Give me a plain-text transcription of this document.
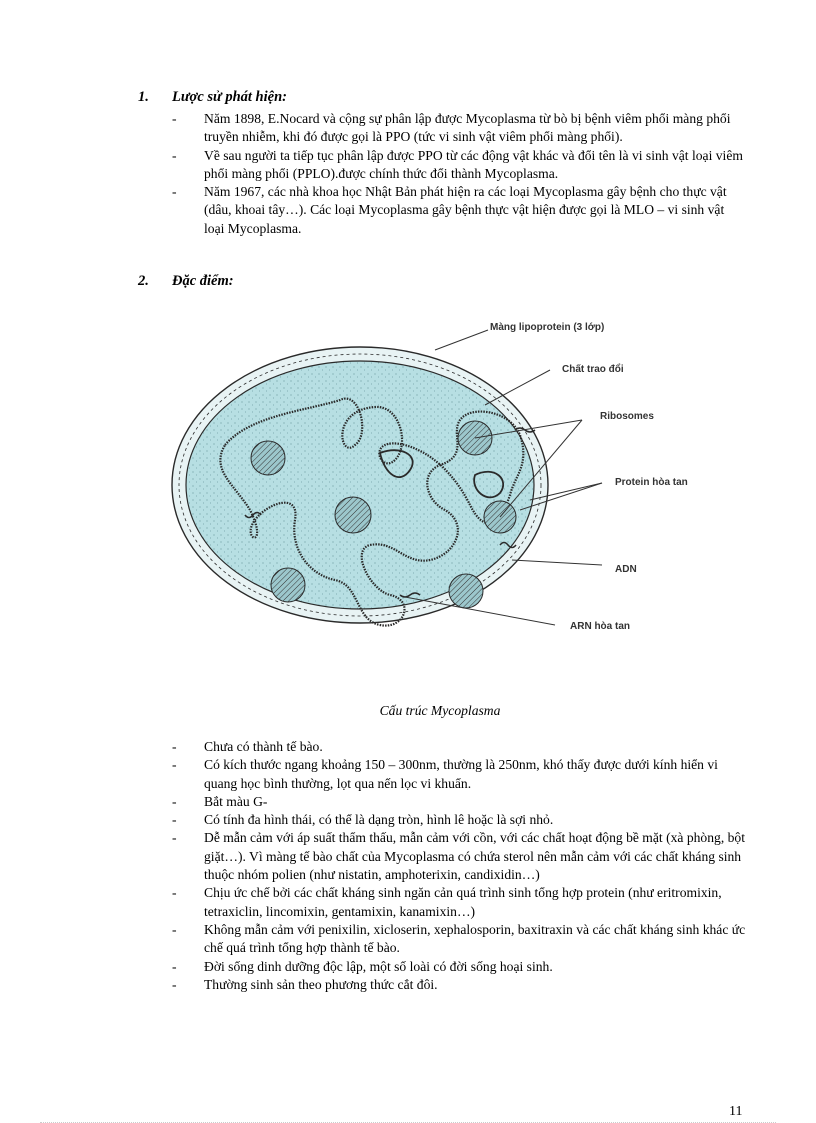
1. Lược sử phát hiện:
- Năm 1898, E.Nocard và cộng sự phân lập được Mycoplasma từ bò bị bệnh viêm phổi màng phổi truyền nhiễm, khi đó được gọi là PPO (tức vi sinh vật viêm phổi màng phổi).
- Về sau người ta tiếp tục phân lập được PPO từ các động vật khác và đổi tên là vi sinh vật loại viêm phổi màng phổi (PPLO).được chính thức đổi thành Mycoplasma.
- Năm 1967, các nhà khoa học Nhật Bản phát hiện ra các loại Mycoplasma gây bệnh cho thực vật (dâu, khoai tây…). Các loại Mycoplasma gây bệnh thực vật hiện được gọi là MLO – vi sinh vật loại Mycoplasma.
2. Đặc điểm:
Màng lipoprotein (3 lớp)
Chất trao đổi
Ribosomes
Protein hòa tan
ADN
ARN hòa tan
Cấu trúc Mycoplasma
- Chưa có thành tế bào.
- Có kích thước ngang khoảng 150 – 300nm, thường là 250nm, khó thấy được dưới kính hiển vi quang học bình thường, lọt qua nến lọc vi khuẩn.
- Bắt màu G-
- Có tính đa hình thái, có thể là dạng tròn, hình lê hoặc là sợi nhỏ.
- Dễ mẫn cảm với áp suất thẩm thấu, mẫn cảm với cồn, với các chất hoạt động bề mặt (xà phòng, bột giặt…). Vì màng tế bào chất của Mycoplasma có chứa sterol nên mẫn cảm với các chất kháng sinh thuộc nhóm polien (như nistatin, amphoterixin, candixidin…)
- Chịu ức chế bởi các chất kháng sinh ngăn cản quá trình sinh tổng hợp protein (như eritromixin, tetraxiclin, lincomixin, gentamixin, kanamixin…)
- Không mẫn cảm với penixilin, xicloserin, xephalosporin, baxitraxin và các chất kháng sinh khác ức chế quá trình tổng hợp thành tế bào.
- Đời sống dinh dưỡng độc lập, một số loài có đời sống hoại sinh.
- Thường sinh sản theo phương thức cắt đôi.
11
